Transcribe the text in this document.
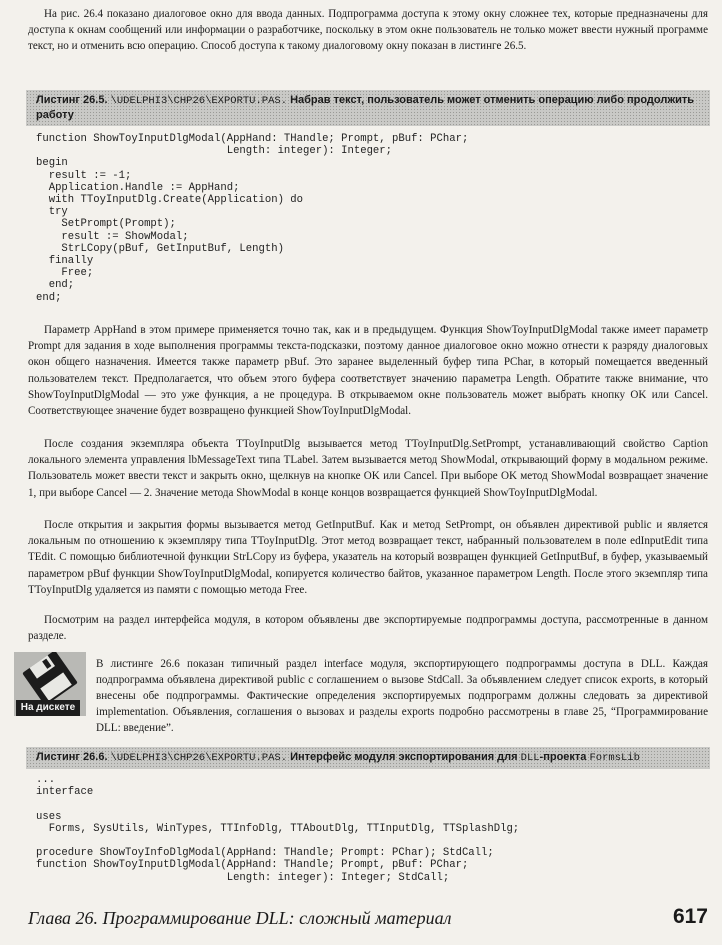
На рис. 26.4 показано диалоговое окно для ввода данных. Подпрограмма доступа к этому окну сложнее тех, которые предназначены для доступа к окнам сообщений или информации о разработчике, поскольку в этом окне пользователь не только может ввести нужный программе текст, но и отменить всю операцию. Способ доступа к такому диалоговому окну показан в листинге 26.5.

Листинг 26.5. \UDELPHI3\CHP26\EXPORTU.PAS. Набрав текст, пользователь может отменить операцию либо продолжить работу
function ShowToyInputDlgModal(AppHand: THandle; Prompt, pBuf: PChar;
Length: integer): Integer;
begin
result := -1;
Application.Handle := AppHand;
with TToyInputDlg.Create(Application) do
try
SetPrompt(Prompt);
result := ShowModal;
StrLCopy(pBuf, GetInputBuf, Length)
finally
Free;
end;
end;

Параметр AppHand в этом примере применяется точно так, как и в предыдущем. Функция ShowToyInputDlgModal также имеет параметр Prompt для задания в ходе выполнения программы текста-подсказки, поэтому данное диалоговое окно можно отнести к разряду диалоговых окон общего назначения. Имеется также параметр pBuf. Это заранее выделенный буфер типа PChar, в который помещается введенный пользователем текст. Предполагается, что объем этого буфера соответствует значению параметра Length. Обратите также внимание, что ShowToyInputDlgModal — это уже функция, а не процедура. В открываемом окне пользователь может выбрать кнопку OK или Cancel. Соответствующее значение будет возвращено функцией ShowToyInputDlgModal.

После создания экземпляра объекта TToyInputDlg вызывается метод TToyInputDlg.SetPrompt, устанавливающий свойство Caption локального элемента управления lbMessageText типа TLabel. Затем вызывается метод ShowModal, открывающий форму в модальном режиме. Пользователь может ввести текст и закрыть окно, щелкнув на кнопке OK или Cancel. При выборе OK метод ShowModal возвращает значение 1, при выборе Cancel — 2. Значение метода ShowModal в конце концов возвращается функцией ShowToyInputDlgModal.

После открытия и закрытия формы вызывается метод GetInputBuf. Как и метод SetPrompt, он объявлен директивой public и является локальным по отношению к экземпляру типа TToyInputDlg. Этот метод возвращает текст, набранный пользователем в поле edInputEdit типа TEdit. С помощью библиотечной функции StrLCopy из буфера, указатель на который возвращен функцией GetInputBuf, в буфер, указываемый параметром pBuf функции ShowToyInputDlgModal, копируется количество байтов, указанное параметром Length. После этого экземпляр типа TToyInputDlg удаляется из памяти с помощью метода Free.

Посмотрим на раздел интерфейса модуля, в котором объявлены две экспортируемые подпрограммы доступа, рассмотренные в данном разделе.

На дискете

В листинге 26.6 показан типичный раздел interface модуля, экспортирующего подпрограммы доступа в DLL. Каждая подпрограмма объявлена директивой public с соглашением о вызове StdCall. За объявлением следует список exports, в который внесены обе подпрограммы. Фактические определения экспортируемых подпрограмм должны следовать за директивой implementation. Объявления, соглашения о вызовах и разделы exports подробно рассмотрены в главе 25, “Программирование DLL: введение”.

Листинг 26.6. \UDELPHI3\CHP26\EXPORTU.PAS. Интерфейс модуля экспортирования для DLL-проекта FormsLib
...
interface

uses
Forms, SysUtils, WinTypes, TTInfoDlg, TTAboutDlg, TTInputDlg, TTSplashDlg;

procedure ShowToyInfoDlgModal(AppHand: THandle; Prompt: PChar); StdCall;
function ShowToyInputDlgModal(AppHand: THandle; Prompt, pBuf: PChar;
Length: integer): Integer; StdCall;
Глава 26. Программирование DLL: сложный материал	617
